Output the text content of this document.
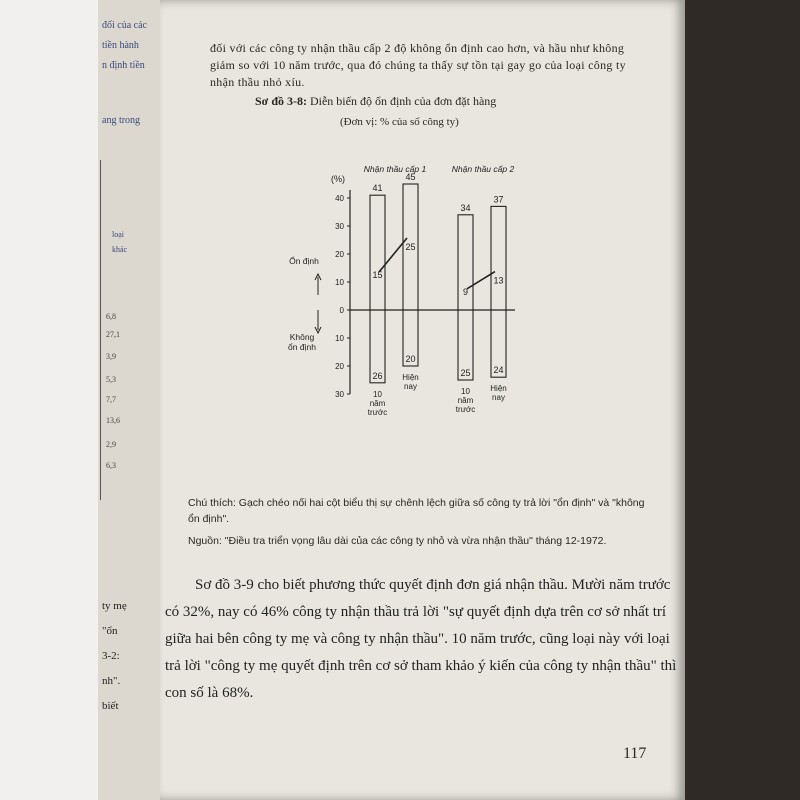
đối của các
tiền hành
n định tiền
ang trong
loại
khác
6,8
27,1
3,9
5,3
7,7
13,6
2,9
6,3
ty mẹ
"ổn
3-2:
nh".
biết
đối với các công ty nhận thầu cấp 2 độ không ổn định cao hơn, và hầu như không giảm so với 10 năm trước, qua đó chúng ta thấy sự tồn tại gay go của loại công ty nhận thầu nhỏ xíu.
Sơ đồ 3-8: Diễn biến độ ổn định của đơn đặt hàng
(Đơn vị: % của số công ty)
(%)
40
30
20
10
0
10
20
30
Ổn định
Không
ổn định
Nhận thầu cấp 1
41
26
15
10
năm
trước
45
20
25
Hiện
nay
Nhận thầu cấp 2
34
25
9
10
năm
trước
37
24
13
Hiện
nay
Chú thích: Gạch chéo nối hai cột biểu thị sự chênh lệch giữa số công ty trả lời "ổn định" và "không ổn định".
Nguồn: "Điều tra triển vọng lâu dài của các công ty nhỏ và vừa nhận thầu" tháng 12-1972.
Sơ đồ 3-9 cho biết phương thức quyết định đơn giá nhận thầu. Mười năm trước có 32%, nay có 46% công ty nhận thầu trả lời "sự quyết định dựa trên cơ sở nhất trí giữa hai bên công ty mẹ và công ty nhận thầu". 10 năm trước, cũng loại này với loại trả lời "công ty mẹ quyết định trên cơ sở tham khảo ý kiến của công ty nhận thầu" thì con số là 68%.
117
